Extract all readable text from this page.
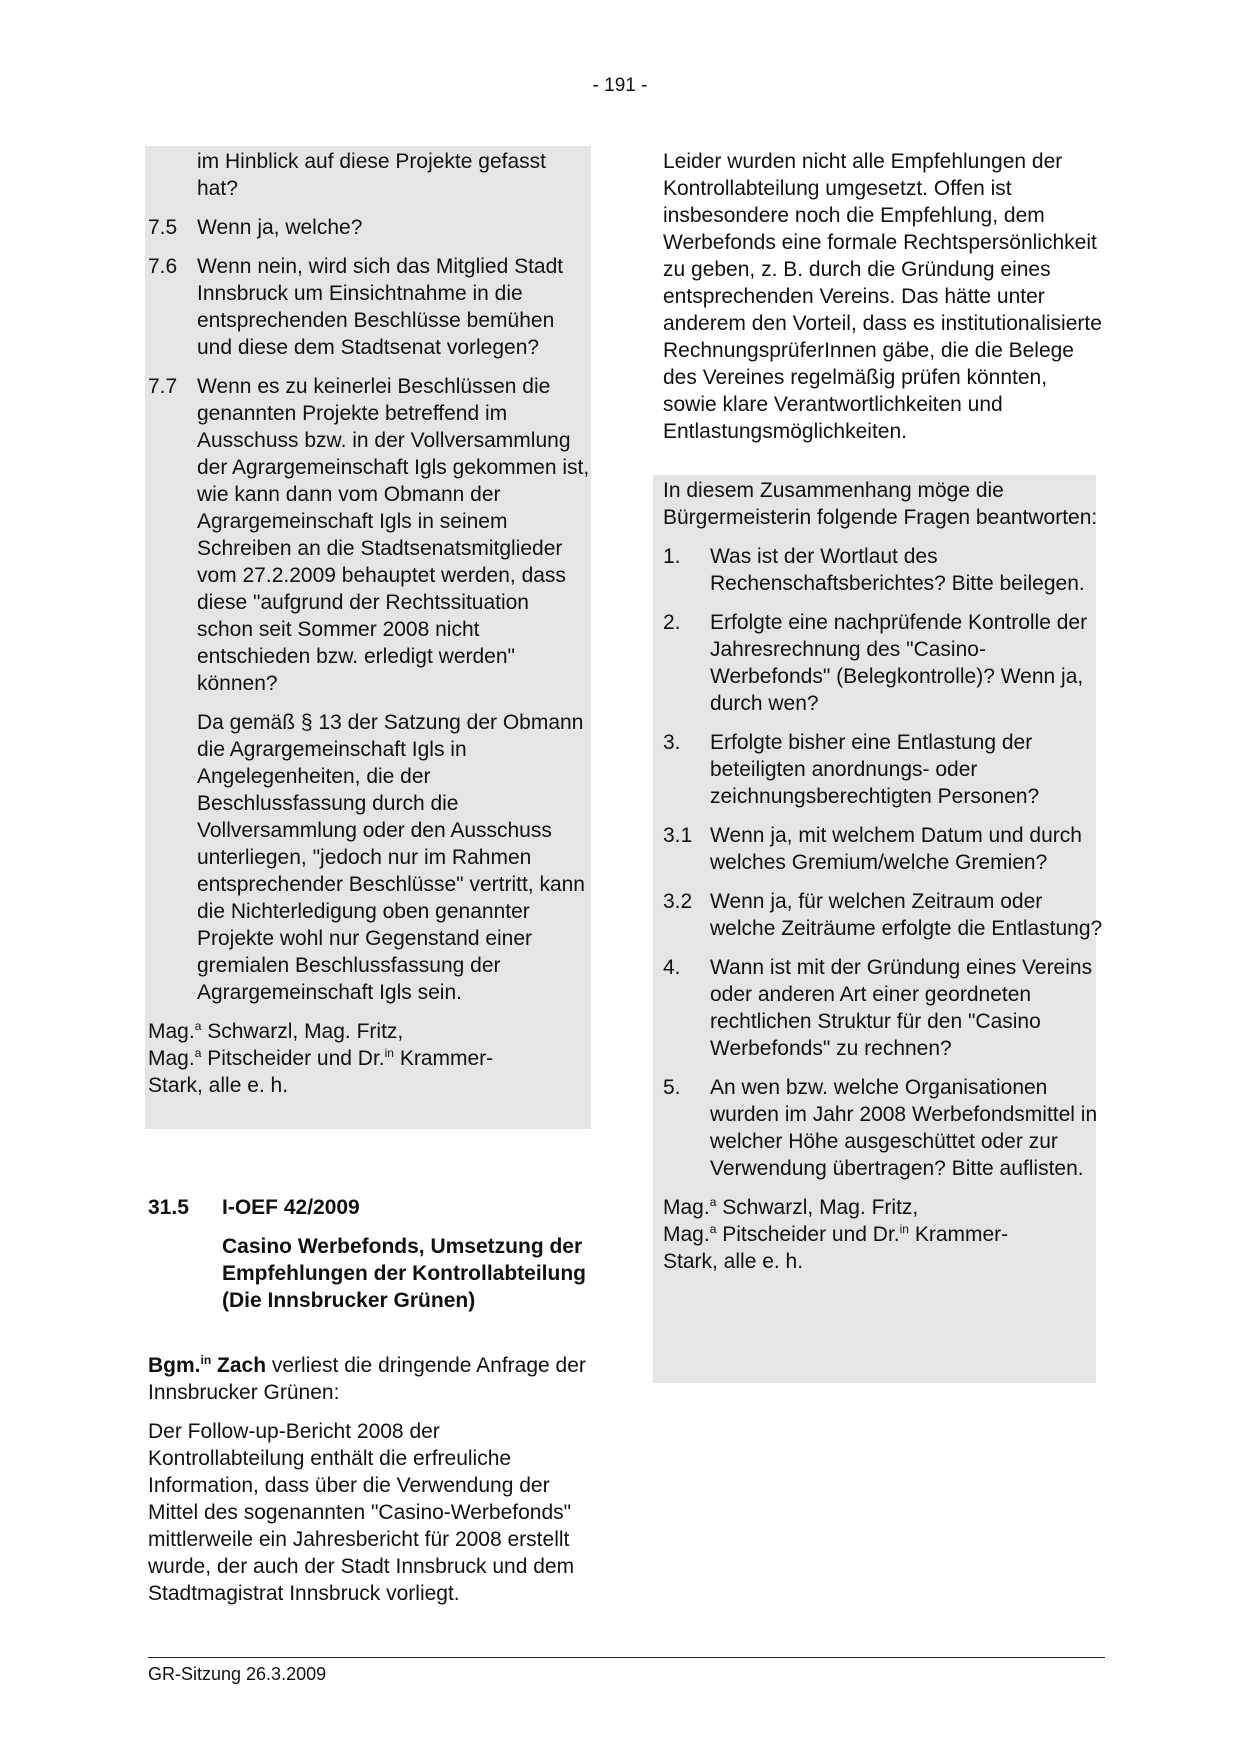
- 191 -

im Hinblick auf diese Projekte gefasst hat?

7.5 Wenn ja, welche?

7.6 Wenn nein, wird sich das Mitglied Stadt Innsbruck um Einsichtnahme in die entsprechenden Beschlüsse bemühen und diese dem Stadtsenat vorlegen?

7.7 Wenn es zu keinerlei Beschlüssen die genannten Projekte betreffend im Ausschuss bzw. in der Vollversammlung der Agrargemeinschaft Igls gekommen ist, wie kann dann vom Obmann der Agrargemeinschaft Igls in seinem Schreiben an die Stadtsenatsmitglieder vom 27.2.2009 behauptet werden, dass diese "aufgrund der Rechtssituation schon seit Sommer 2008 nicht entschieden bzw. erledigt werden" können?

Da gemäß § 13 der Satzung der Obmann die Agrargemeinschaft Igls in Angelegenheiten, die der Beschlussfassung durch die Vollversammlung oder den Ausschuss unterliegen, "jedoch nur im Rahmen entsprechender Beschlüsse" vertritt, kann die Nichterledigung oben genannter Projekte wohl nur Gegenstand einer gremialen Beschlussfassung der Agrargemeinschaft Igls sein.

Mag.$^a$ Schwarzl, Mag. Fritz,

Mag.$^a$ Pitscheider und Dr.$^{in}$ Krammer-

Stark, alle e. h.

31.5 I-OEF 42/2009

Casino Werbefonds, Umsetzung der Empfehlungen der Kontrollabteilung (Die Innsbrucker Grünen)

Bgm.$^{in}$ Zach verliest die dringende Anfrage der Innsbrucker Grünen:

Der Follow-up-Bericht 2008 der Kontrollabteilung enthält die erfreuliche Information, dass über die Verwendung der Mittel des sogenannten "Casino-Werbefonds" mittlerweile ein Jahresbericht für 2008 erstellt wurde, der auch der Stadt Innsbruck und dem Stadtmagistrat Innsbruck vorliegt.

Leider wurden nicht alle Empfehlungen der Kontrollabteilung umgesetzt. Offen ist insbesondere noch die Empfehlung, dem Werbefonds eine formale Rechtspersönlichkeit zu geben, z. B. durch die Gründung eines entsprechenden Vereins. Das hätte unter anderem den Vorteil, dass es institutionalisierte RechnungsprüferInnen gäbe, die die Belege des Vereines regelmäßig prüfen könnten, sowie klare Verantwortlichkeiten und Entlastungsmöglichkeiten.

In diesem Zusammenhang möge die Bürgermeisterin folgende Fragen beantworten:

1. Was ist der Wortlaut des Rechenschaftsberichtes? Bitte beilegen.

2. Erfolgte eine nachprüfende Kontrolle der Jahresrechnung des "Casino-Werbefonds" (Belegkontrolle)? Wenn ja, durch wen?

3. Erfolgte bisher eine Entlastung der beteiligten anordnungs- oder zeichnungsberechtigten Personen?

3.1 Wenn ja, mit welchem Datum und durch welches Gremium/welche Gremien?

3.2 Wenn ja, für welchen Zeitraum oder welche Zeiträume erfolgte die Entlastung?

4. Wann ist mit der Gründung eines Vereins oder anderen Art einer geordneten rechtlichen Struktur für den "Casino Werbefonds" zu rechnen?

5. An wen bzw. welche Organisationen wurden im Jahr 2008 Werbefondsmittel in welcher Höhe ausgeschüttet oder zur Verwendung übertragen? Bitte auflisten.

Mag.$^a$ Schwarzl, Mag. Fritz,

Mag.$^a$ Pitscheider und Dr.$^{in}$ Krammer-

Stark, alle e. h.

GR-Sitzung 26.3.2009
